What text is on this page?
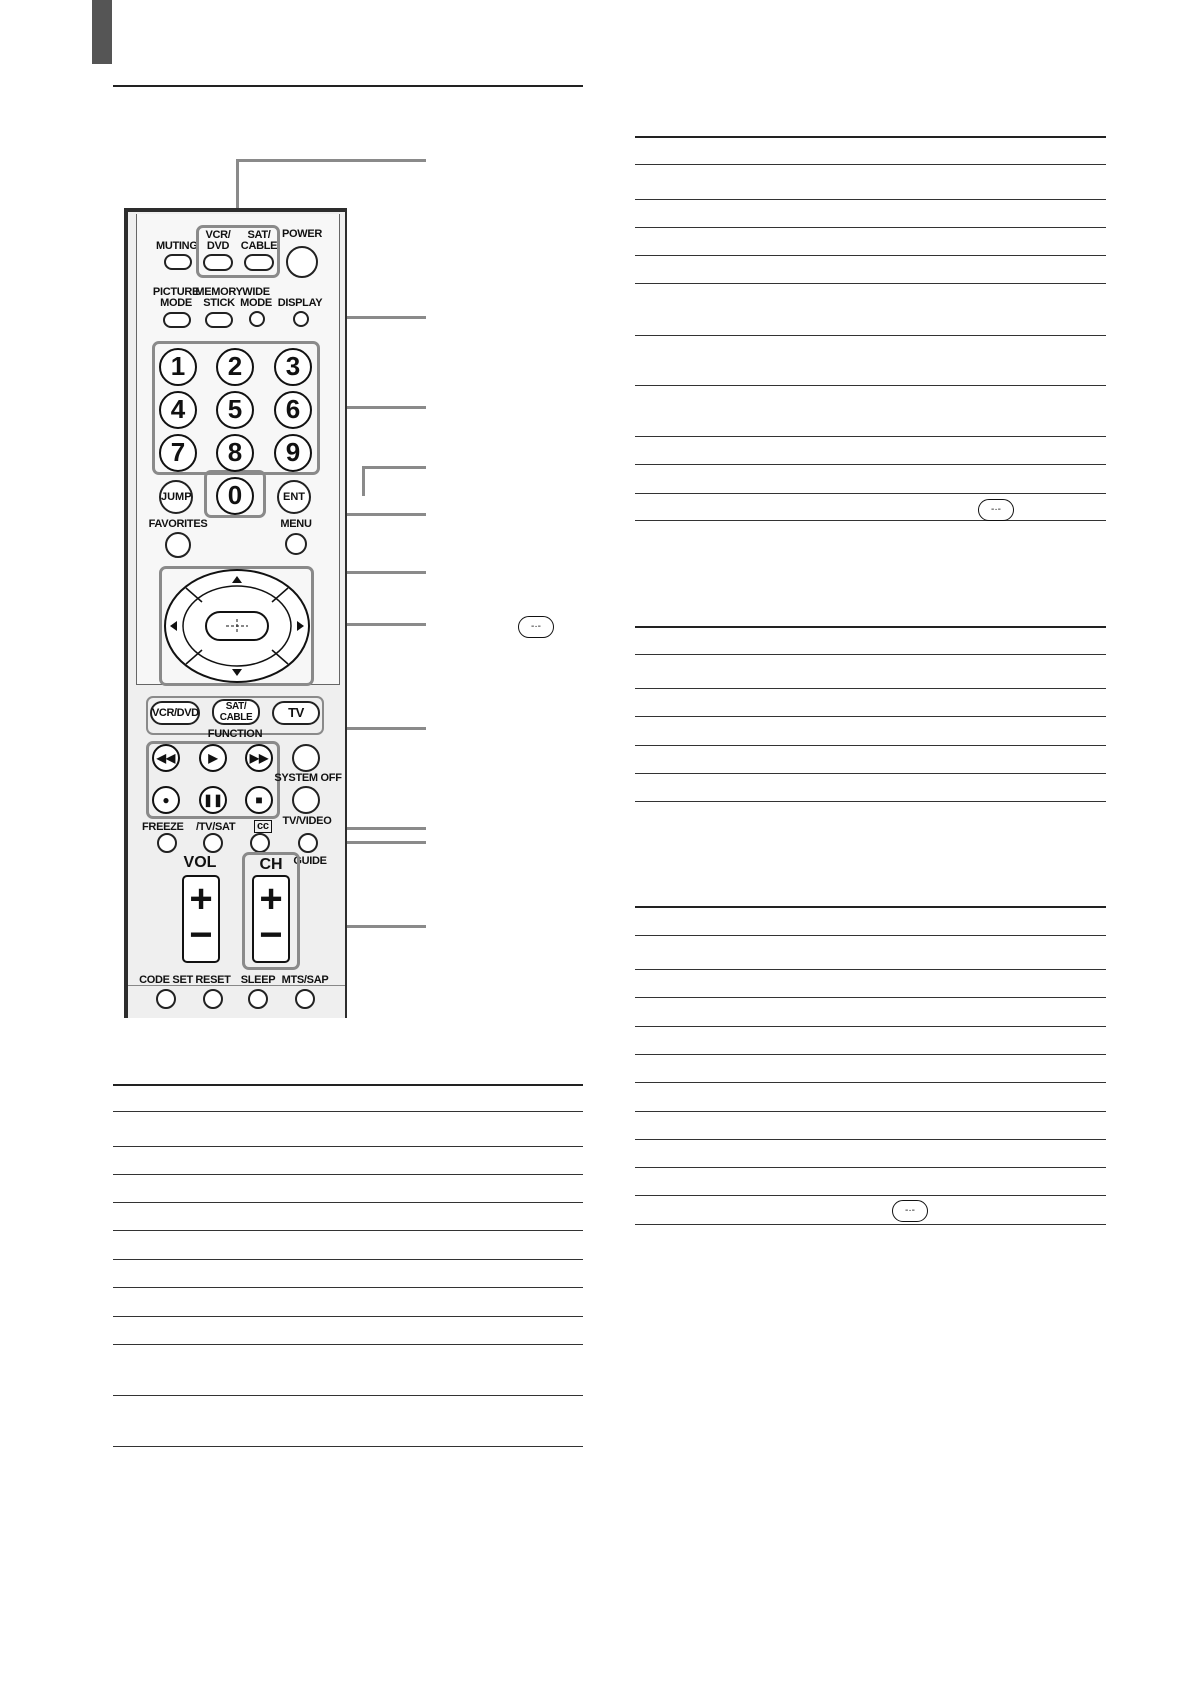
-·-
-·-
-·-
MUTING
VCR/
DVD
SAT/
CABLE
POWER
PICTURE
MODE
MEMORY
STICK
WIDE
MODE DISPLAY
1	2	3
4	5	6
7	8	9
0
JUMP	ENT
FAVORITES	MENU
VCR/DVD
SAT/
CABLE	TV
FUNCTION
◀◀	▶	▶▶
●	❚❚	■
SYSTEM OFF
FREEZE /TV/SAT cc TV/VIDEO
GUIDE
VOL
+
−
CH
+
−
CODE SET RESET SLEEP MTS/SAP
